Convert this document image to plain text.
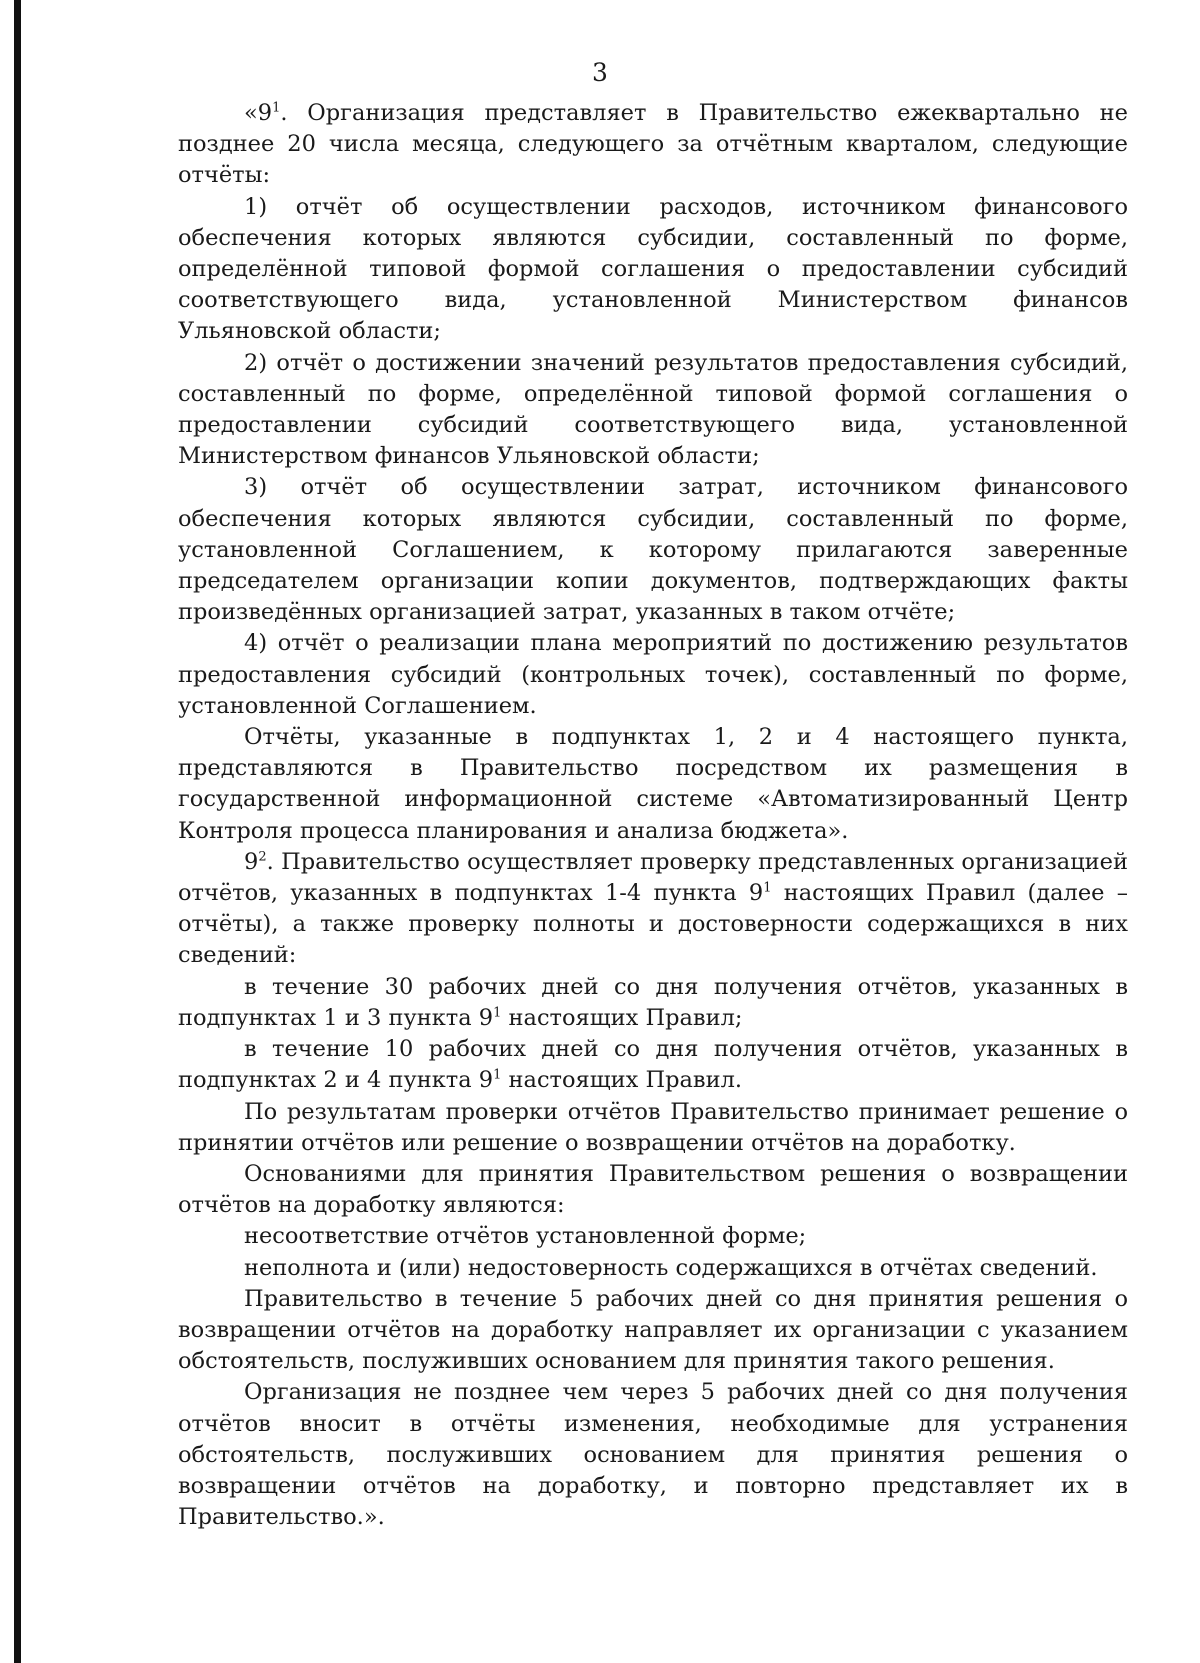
3

«$9^1$. Организация представляет в Правительство ежеквартально не позднее 20 числа месяца, следующего за отчётным кварталом, следующие отчёты:

1) отчёт об осуществлении расходов, источником финансового обеспечения которых являются субсидии, составленный по форме, определённой типовой формой соглашения о предоставлении субсидий соответствующего вида, установленной Министерством финансов Ульяновской области;

2) отчёт о достижении значений результатов предоставления субсидий, составленный по форме, определённой типовой формой соглашения о предоставлении субсидий соответствующего вида, установленной Министерством финансов Ульяновской области;

3) отчёт об осуществлении затрат, источником финансового обеспечения которых являются субсидии, составленный по форме, установленной Соглашением, к которому прилагаются заверенные председателем организации копии документов, подтверждающих факты произведённых организацией затрат, указанных в таком отчёте;

4) отчёт о реализации плана мероприятий по достижению результатов предоставления субсидий (контрольных точек), составленный по форме, установленной Соглашением.

Отчёты, указанные в подпунктах 1, 2 и 4 настоящего пункта, представляются в Правительство посредством их размещения в государственной информационной системе «Автоматизированный Центр Контроля процесса планирования и анализа бюджета».

$9^2$. Правительство осуществляет проверку представленных организацией отчётов, указанных в подпунктах 1-4 пункта $9^1$ настоящих Правил (далее – отчёты), а также проверку полноты и достоверности содержащихся в них сведений:

в течение 30 рабочих дней со дня получения отчётов, указанных в подпунктах 1 и 3 пункта $9^1$ настоящих Правил;

в течение 10 рабочих дней со дня получения отчётов, указанных в подпунктах 2 и 4 пункта $9^1$ настоящих Правил.

По результатам проверки отчётов Правительство принимает решение о принятии отчётов или решение о возвращении отчётов на доработку.

Основаниями для принятия Правительством решения о возвращении отчётов на доработку являются:

несоответствие отчётов установленной форме;

неполнота и (или) недостоверность содержащихся в отчётах сведений.

Правительство в течение 5 рабочих дней со дня принятия решения о возвращении отчётов на доработку направляет их организации с указанием обстоятельств, послуживших основанием для принятия такого решения.

Организация не позднее чем через 5 рабочих дней со дня получения отчётов вносит в отчёты изменения, необходимые для устранения обстоятельств, послуживших основанием для принятия решения о возвращении отчётов на доработку, и повторно представляет их в Правительство.».
